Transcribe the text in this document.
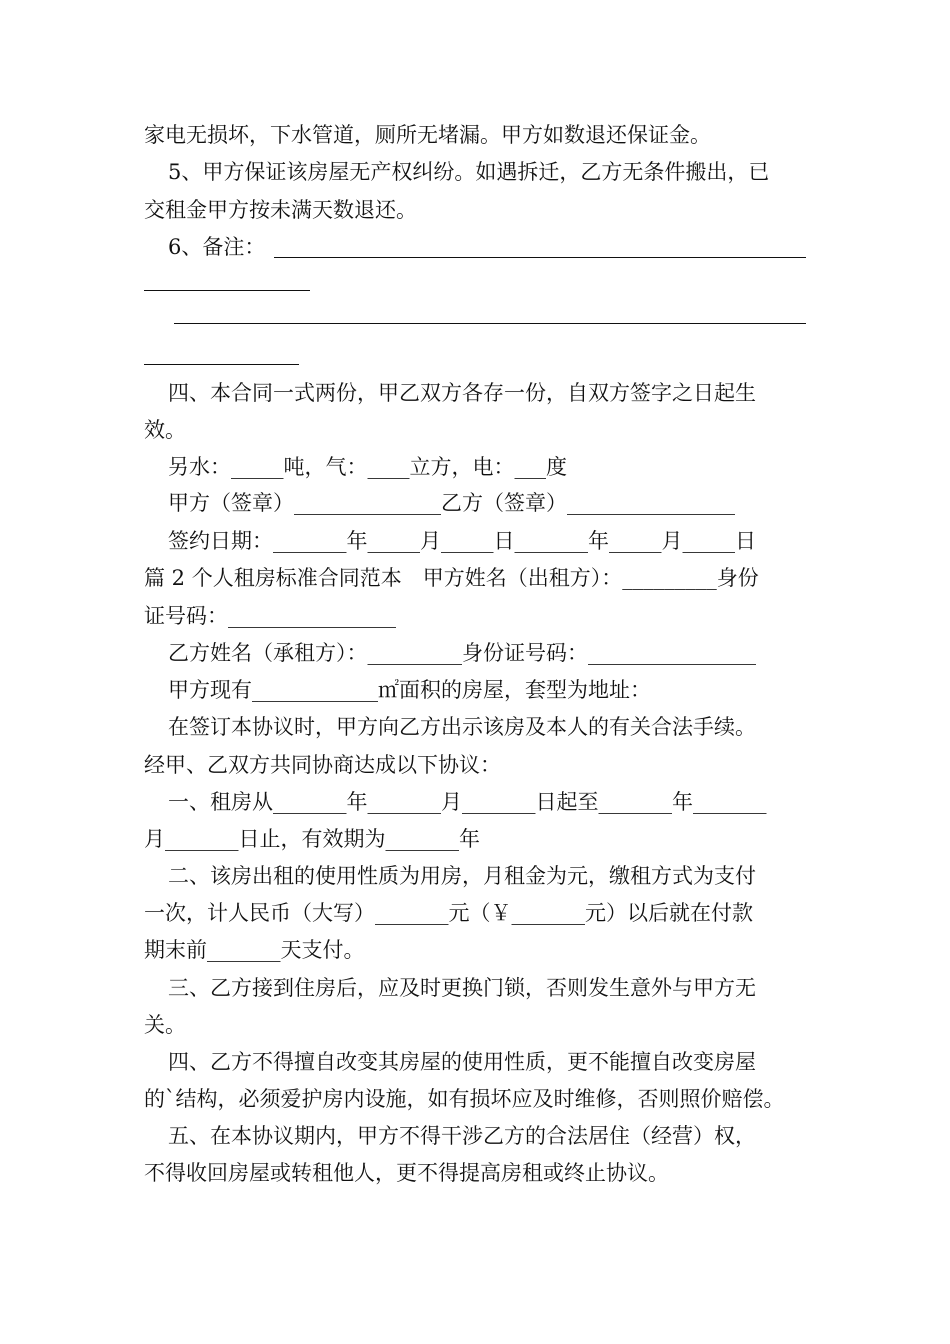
家电无损坏，下水管道，厕所无堵漏。甲方如数退还保证金。
5、甲方保证该房屋无产权纠纷。如遇拆迁，乙方无条件搬出，已
交租金甲方按未满天数退还。
6、备注：
四、本合同一式两份，甲乙双方各存一份，自双方签字之日起生
效。
另水：_____吨，气：____立方，电：___度
甲方（签章）______________乙方（签章）________________
签约日期：_______年_____月_____日_______年_____月_____日
篇 2 个人租房标准合同范本　甲方姓名（出租方）：_________身份
证号码：________________
乙方姓名（承租方）：_________身份证号码：________________
甲方现有____________㎡面积的房屋，套型为地址：
在签订本协议时，甲方向乙方出示该房及本人的有关合法手续。
经甲、乙双方共同协商达成以下协议：
一、租房从_______年_______月_______日起至_______年_______
月_______日止，有效期为_______年
二、该房出租的使用性质为用房，月租金为元，缴租方式为支付
一次，计人民币（大写）_______元（￥_______元）以后就在付款
期末前_______天支付。
三、乙方接到住房后，应及时更换门锁，否则发生意外与甲方无
关。
四、乙方不得擅自改变其房屋的使用性质，更不能擅自改变房屋
的`结构，必须爱护房内设施，如有损坏应及时维修，否则照价赔偿。
五、在本协议期内，甲方不得干涉乙方的合法居住（经营）权，
不得收回房屋或转租他人，更不得提高房租或终止协议。
